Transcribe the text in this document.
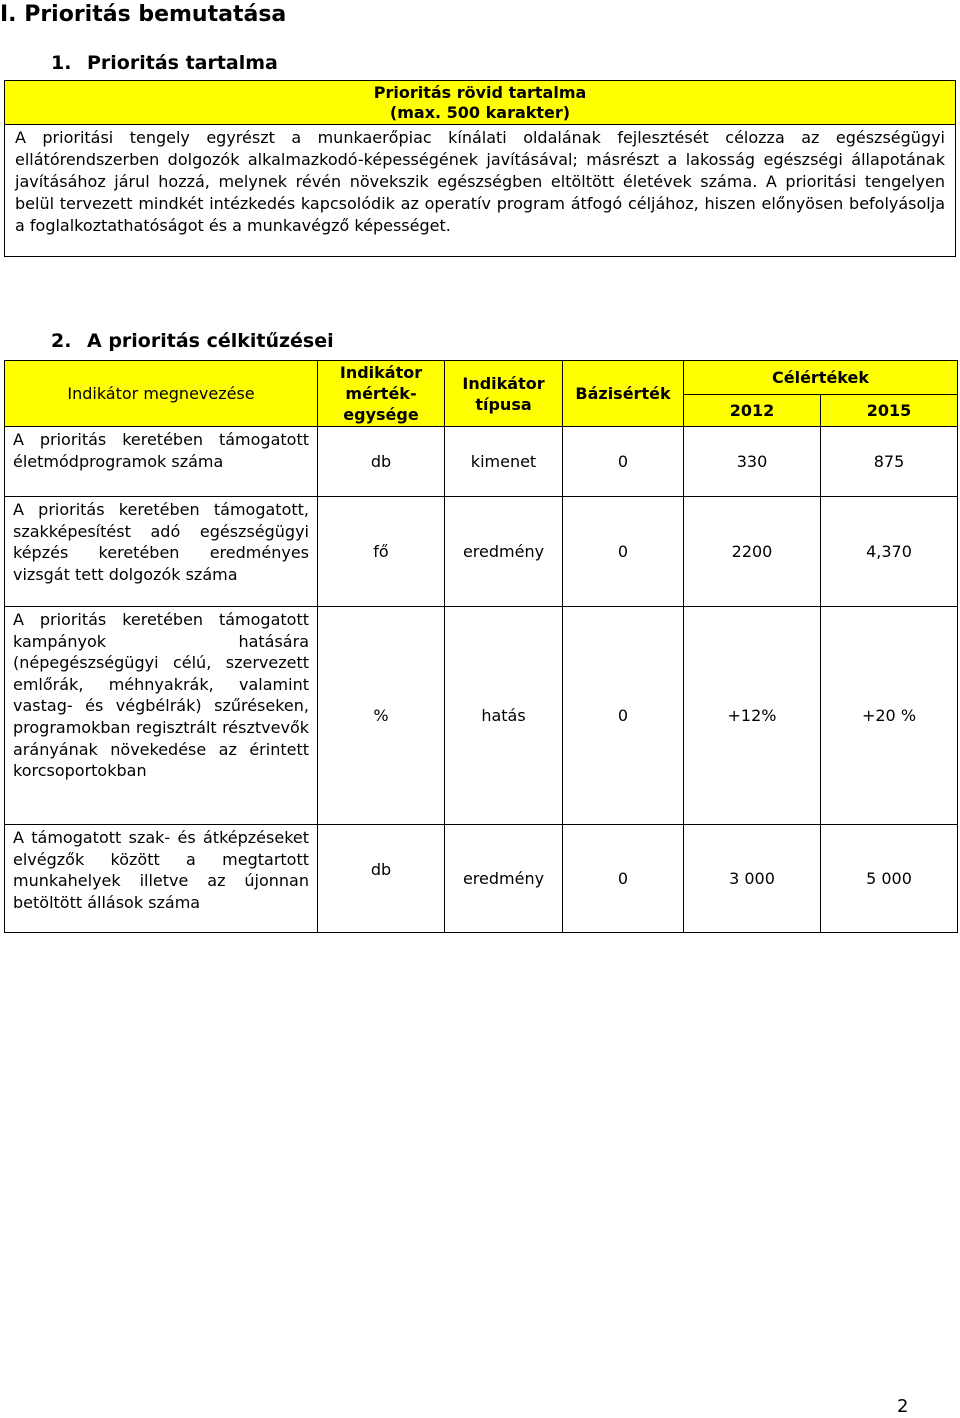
I. Prioritás bemutatása
1. Prioritás tartalma
Prioritás rövid tartalma
(max. 500 karakter)
A prioritási tengely egyrészt a munkaerőpiac kínálati oldalának fejlesztését célozza az egészségügyi ellátórendszerben dolgozók alkalmazkodó-képességének javításával; másrészt a lakosság egészségi állapotának javításához járul hozzá, melynek révén növekszik egészségben eltöltött életévek száma. A prioritási tengelyen belül tervezett mindkét intézkedés kapcsolódik az operatív program átfogó céljához, hiszen előnyösen befolyásolja a foglalkoztathatóságot és a munkavégző képességet.
2. A prioritás célkitűzései
Indikátor megnevezése	Indikátor mérték-egysége	Indikátor típusa	Bázisérték	Célértékek	
				2012	2015
A prioritás keretében támogatott életmódprogramok száma	db	kimenet	0	330	875
A prioritás keretében támogatott, szakképesítést adó egészségügyi képzés keretében eredményes vizsgát tett dolgozók száma	fő	eredmény	0	2200	4,370
A prioritás keretében támogatott kampányok hatására (népegészségügyi célú, szervezett emlőrák, méhnyakrák, valamint vastag- és végbélrák) szűréseken, programokban regisztrált résztvevők arányának növekedése az érintett korcsoportokban	%	hatás	0	+12%	+20 %
A támogatott szak- és átképzéseket elvégzők között a megtartott munkahelyek illetve az újonnan betöltött állások száma	db	eredmény	0	3 000	5 000
2
